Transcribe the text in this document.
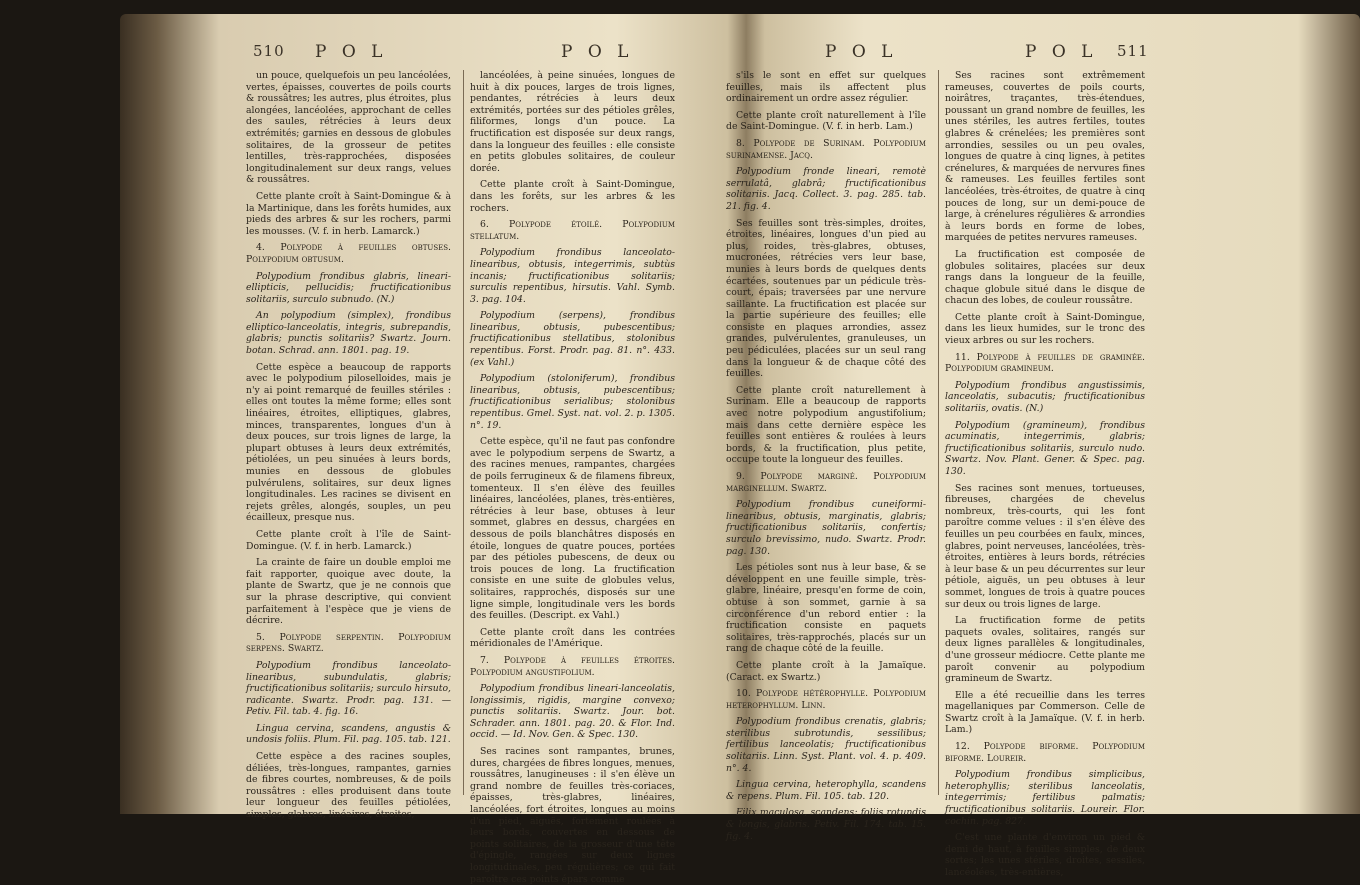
510 P O L	P O L

un pouce, quelquefois un peu lancéolées, vertes, épaisses, couvertes de poils courts & roussâtres; les autres, plus étroites, plus alongées, lancéolées, approchant de celles des saules, rétrécies à leurs deux extrémités; garnies en dessous de globules solitaires, de la grosseur de petites lentilles, très-rapprochées, disposées longitudinalement sur deux rangs, velues & roussâtres.

Cette plante croît à Saint-Domingue & à la Martinique, dans les forêts humides, aux pieds des arbres & sur les rochers, parmi les mousses. (V. f. in herb. Lamarck.)

4. Polypode à feuilles obtuses. Polypodium obtusum.

Polypodium frondibus glabris, lineari-ellipticis, pellucidis; fructificationibus solitariis, surculo subnudo. (N.)

An polypodium (simplex), frondibus elliptico-lanceolatis, integris, subrepandis, glabris; punctis solitariis? Swartz. Journ. botan. Schrad. ann. 1801. pag. 19.

Cette espèce a beaucoup de rapports avec le polypodium piloselloides, mais je n'y ai point remarqué de feuilles stériles : elles ont toutes la même forme; elles sont linéaires, étroites, elliptiques, glabres, minces, transparentes, longues d'un à deux pouces, sur trois lignes de large, la plupart obtuses à leurs deux extrémités, pétiolées, un peu sinuées à leurs bords, munies en dessous de globules pulvérulens, solitaires, sur deux lignes longitudinales. Les racines se divisent en rejets grêles, alongés, souples, un peu écailleux, presque nus.

Cette plante croît à l'île de Saint-Domingue. (V. f. in herb. Lamarck.)

La crainte de faire un double emploi me fait rapporter, quoique avec doute, la plante de Swartz, que je ne connois que sur la phrase descriptive, qui convient parfaitement à l'espèce que je viens de décrire.

5. Polypode serpentin. Polypodium serpens. Swartz.

Polypodium frondibus lanceolato-linearibus, subundulatis, glabris; fructificationibus solitariis; surculo hirsuto, radicante. Swartz. Prodr. pag. 131. — Petiv. Fil. tab. 4. fig. 16.

Lingua cervina, scandens, angustis & undosis foliis. Plum. Fil. pag. 105. tab. 121.

Cette espèce a des racines souples, déliées, très-longues, rampantes, garnies de fibres courtes, nombreuses, & de poils roussâtres : elles produisent dans toute leur longueur des feuilles pétiolées, simples, glabres, linéaires, étroites,

lancéolées, à peine sinuées, longues de huit à dix pouces, larges de trois lignes, pendantes, rétrécies à leurs deux extrémités, portées sur des pétioles grêles, filiformes, longs d'un pouce. La fructification est disposée sur deux rangs, dans la longueur des feuilles : elle consiste en petits globules solitaires, de couleur dorée.

Cette plante croît à Saint-Domingue, dans les forêts, sur les arbres & les rochers.

6. Polypode étoilé. Polypodium stellatum.

Polypodium frondibus lanceolato-linearibus, obtusis, integerrimis, subtùs incanis; fructificationibus solitariis; surculis repentibus, hirsutis. Vahl. Symb. 3. pag. 104.

Polypodium (serpens), frondibus linearibus, obtusis, pubescentibus; fructificationibus stellatibus, stolonibus repentibus. Forst. Prodr. pag. 81. n°. 433. (ex Vahl.)

Polypodium (stoloniferum), frondibus linearibus, obtusis, pubescentibus; fructificationibus serialibus; stolonibus repentibus. Gmel. Syst. nat. vol. 2. p. 1305. n°. 19.

Cette espèce, qu'il ne faut pas confondre avec le polypodium serpens de Swartz, a des racines menues, rampantes, chargées de poils ferrugineux & de filamens fibreux, tomenteux. Il s'en élève des feuilles linéaires, lancéolées, planes, très-entières, rétrécies à leur base, obtuses à leur sommet, glabres en dessus, chargées en dessous de poils blanchâtres disposés en étoile, longues de quatre pouces, portées par des pétioles pubescens, de deux ou trois pouces de long. La fructification consiste en une suite de globules velus, solitaires, rapprochés, disposés sur une ligne simple, longitudinale vers les bords des feuilles. (Descript. ex Vahl.)

Cette plante croît dans les contrées méridionales de l'Amérique.

7. Polypode à feuilles étroites. Polypodium angustifolium.

Polypodium frondibus lineari-lanceolatis, longissimis, rigidis, margine convexo; punctis solitariis. Swartz. Jour. bot. Schrader. ann. 1801. pag. 20. & Flor. Ind. occid. — Id. Nov. Gen. & Spec. 130.

Ses racines sont rampantes, brunes, dures, chargées de fibres longues, menues, roussâtres, lanugineuses : il s'en élève un grand nombre de feuilles très-coriaces, épaisses, très-glabres, linéaires, lancéolées, fort étroites, longues au moins d'un pied, aiguës, fortement roulées à leurs bords, couvertes en dessous de points solitaires, de la grosseur d'une tête d'épingle, rangées sur deux lignes longitudinales, peu régulières; ce qui fait paroître ces points épars comme

P O L	P O L 511

s'ils le sont en effet sur quelques feuilles, mais ils affectent plus ordinairement un ordre assez régulier.

Cette plante croît naturellement à l'île de Saint-Domingue. (V. f. in herb. Lam.)

8. Polypode de Surinam. Polypodium surinamense. Jacq.

Polypodium fronde lineari, remotè serrulatâ, glabrâ; fructificationibus solitariis. Jacq. Collect. 3. pag. 285. tab. 21. fig. 4.

Ses feuilles sont très-simples, droites, étroites, linéaires, longues d'un pied au plus, roides, très-glabres, obtuses, mucronées, rétrécies vers leur base, munies à leurs bords de quelques dents écartées, soutenues par un pédicule très-court, épais; traversées par une nervure saillante. La fructification est placée sur la partie supérieure des feuilles; elle consiste en plaques arrondies, assez grandes, pulvérulentes, granuleuses, un peu pédiculées, placées sur un seul rang dans la longueur & de chaque côté des feuilles.

Cette plante croît naturellement à Surinam. Elle a beaucoup de rapports avec notre polypodium angustifolium; mais dans cette dernière espèce les feuilles sont entières & roulées à leurs bords, & la fructification, plus petite, occupe toute la longueur des feuilles.

9. Polypode marginé. Polypodium marginellum. Swartz.

Polypodium frondibus cuneiformi-linearibus, obtusis, marginatis, glabris; fructificationibus solitariis, confertis; surculo brevissimo, nudo. Swartz. Prodr. pag. 130.

Les pétioles sont nus à leur base, & se développent en une feuille simple, très-glabre, linéaire, presqu'en forme de coin, obtuse à son sommet, garnie à sa circonférence d'un rebord entier : la fructification consiste en paquets solitaires, très-rapprochés, placés sur un rang de chaque côté de la feuille.

Cette plante croît à la Jamaïque. (Caract. ex Swartz.)

10. Polypode hétérophylle. Polypodium heterophyllum. Linn.

Polypodium frondibus crenatis, glabris; sterilibus subrotundis, sessilibus; fertilibus lanceolatis; fructificationibus solitariis. Linn. Syst. Plant. vol. 4. p. 409. n°. 4.

Lingua cervina, heterophylla, scandens & repens. Plum. Fil. 105. tab. 120.

Filix maculosa, scandens; foliis rotundis & longis, glabris. Petiv. Fil. 174. tab. 15. fig. 4.

Ses racines sont extrêmement rameuses, couvertes de poils courts, noirâtres, traçantes, très-étendues, poussant un grand nombre de feuilles, les unes stériles, les autres fertiles, toutes glabres & crénelées; les premières sont arrondies, sessiles ou un peu ovales, longues de quatre à cinq lignes, à petites crénelures, & marquées de nervures fines & rameuses. Les feuilles fertiles sont lancéolées, très-étroites, de quatre à cinq pouces de long, sur un demi-pouce de large, à crénelures régulières & arrondies à leurs bords en forme de lobes, marquées de petites nervures rameuses.

La fructification est composée de globules solitaires, placées sur deux rangs dans la longueur de la feuille, chaque globule situé dans le disque de chacun des lobes, de couleur roussâtre.

Cette plante croît à Saint-Domingue, dans les lieux humides, sur le tronc des vieux arbres ou sur les rochers.

11. Polypode à feuilles de graminée. Polypodium gramineum.

Polypodium frondibus angustissimis, lanceolatis, subacutis; fructificationibus solitariis, ovatis. (N.)

Polypodium (gramineum), frondibus acuminatis, integerrimis, glabris; fructificationibus solitariis, surculo nudo. Swartz. Nov. Plant. Gener. & Spec. pag. 130.

Ses racines sont menues, tortueuses, fibreuses, chargées de chevelus nombreux, très-courts, qui les font paroître comme velues : il s'en élève des feuilles un peu courbées en faulx, minces, glabres, point nerveuses, lancéolées, très-étroites, entières à leurs bords, rétrécies à leur base & un peu décurrentes sur leur pétiole, aiguës, un peu obtuses à leur sommet, longues de trois à quatre pouces sur deux ou trois lignes de large.

La fructification forme de petits paquets ovales, solitaires, rangés sur deux lignes parallèles & longitudinales, d'une grosseur médiocre. Cette plante me paroît convenir au polypodium gramineum de Swartz.

Elle a été recueillie dans les terres magellaniques par Commerson. Celle de Swartz croît à la Jamaïque. (V. f. in herb. Lam.)

12. Polypode biforme. Polypodium biforme. Loureir.

Polypodium frondibus simplicibus, heterophyllis; sterilibus lanceolatis, integerrimis; fertilibus palmatis; fructificationibus solitariis. Loureir. Flor. cochin. pag. 827.

C'est une plante d'environ un pied & demi de haut, à feuilles simples, de deux sortes; les unes stériles, droites, sessiles, lancéolées, très-entières,
